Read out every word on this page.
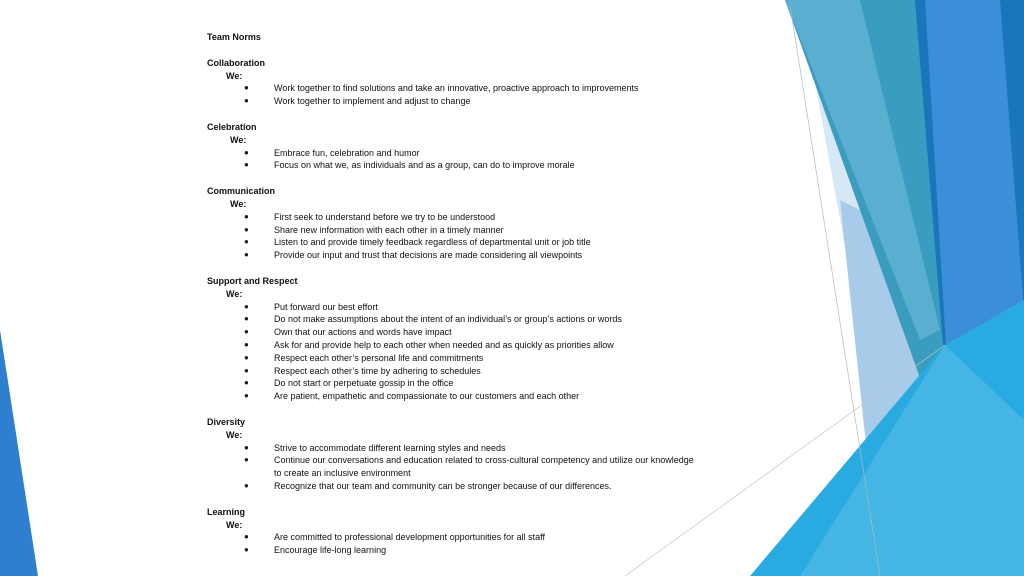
Team Norms
Collaboration
We:
●	Work together to find solutions and take an innovative, proactive approach to improvements
●	Work together to implement and adjust to change
Celebration
We:
●	Embrace fun, celebration and humor
●	Focus on what we, as individuals and as a group, can do to improve morale
Communication
We:
●	First seek to understand before we try to be understood
●	Share new information with each other in a timely manner
●	Listen to and provide timely feedback regardless of departmental unit or job title
●	Provide our input and trust that decisions are made considering all viewpoints
Support and Respect
We:
●	Put forward our best effort
●	Do not make assumptions about the intent of an individual’s or group’s actions or words
●	Own that our actions and words have impact
●	Ask for and provide help to each other when needed and as quickly as priorities allow
●	Respect each other’s personal life and commitments
●	Respect each other’s time by adhering to schedules
●	Do not start or perpetuate gossip in the office
●	Are patient, empathetic and compassionate to our customers and each other
Diversity
We:
●	Strive to accommodate different learning styles and needs
●	Continue our conversations and education related to cross-cultural competency and utilize our knowledge to create an inclusive environment
●	Recognize that our team and community can be stronger because of our differences.
Learning
We:
●	Are committed to professional development opportunities for all staff
●	Encourage life-long learning
